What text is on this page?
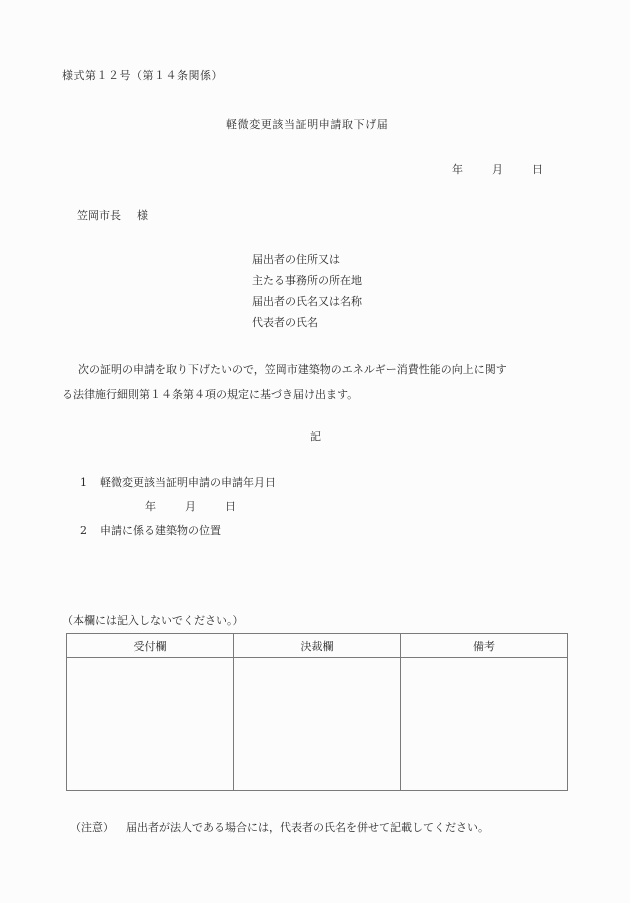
様式第１２号（第１４条関係）
軽微変更該当証明申請取下げ届
年	月	日
笠岡市長 様
届出者の住所又は
主たる事務所の所在地
届出者の氏名又は名称
代表者の氏名

次の証明の申請を取り下げたいので，笠岡市建築物のエネルギー消費性能の向上に関す

る法律施行細則第１４条第４項の規定に基づき届け出ます。

記
1 軽微変更該当証明申請の申請年月日
年	月	日
2 申請に係る建築物の位置
（本欄には記入しないでください。）
受付欄	決裁欄	備考

（注意） 届出者が法人である場合には，代表者の氏名を併せて記載してください。
